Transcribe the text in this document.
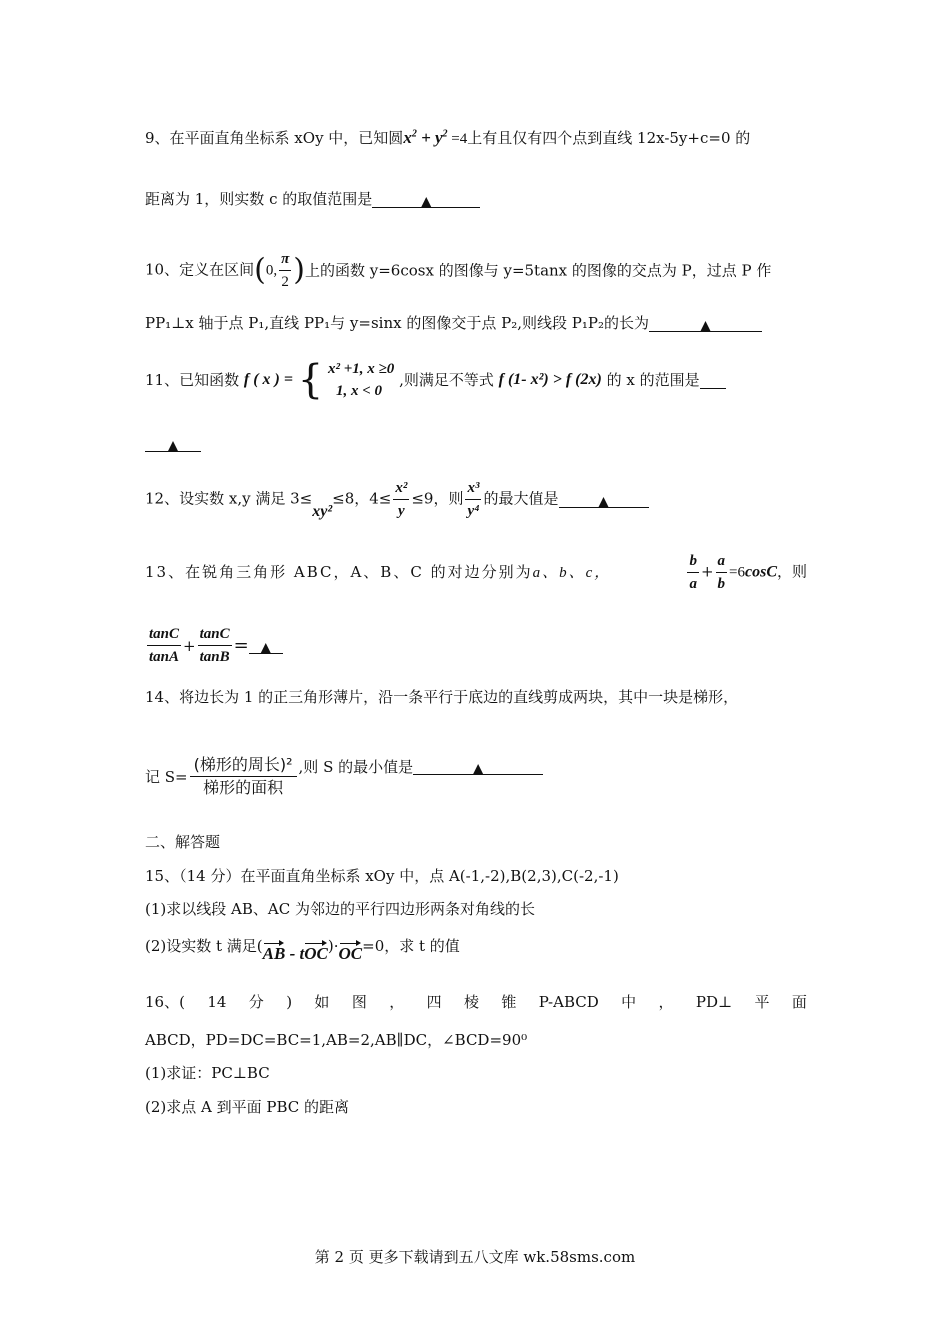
9、在平面直角坐标系 xOy 中，已知圆$x^2 + y^2 =4$上有且仅有四个点到直线 12x-5y+c=0 的
距离为 1，则实数 c 的取值范围是	▲
10、定义在区间(0, $\frac{\pi}{2}$ )上的函数 y=6cosx 的图像与 y=5tanx 的图像的交点为 P，过点 P 作
PP₁⊥x 轴于点 P₁,直线 PP₁与 y=sinx 的图像交于点 P₂,则线段 P₁P₂的长为	▲
11、已知函数 f ( x ) = { x² +1, x ≥0
1, x < 0
,则满足不等式 f (1- x²) > f (2x) 的 x 的范围是
▲
12、设实数 x,y 满足 3≤xy²≤8，$4\le \frac{\text{x²}}{y} \le 9$，则 $\frac{\text{x³}}{\text{y⁴}}$ 的最大值是	▲
13、在锐角三角形 ABC，A、B、C 的对边分别为a、b、c，	$\frac{b}{a} + \frac{a}{b} =6\cos C$，则
$\frac{\tan C}{\tan A} + \frac{\tan C}{\tan B}$ = ▲
14、将边长为 1 的正三角形薄片，沿一条平行于底边的直线剪成两块，其中一块是梯形，
记 $S= \frac{\text{(梯形的周长)²}}{\text{梯形的面积}}$ ,则 S 的最小值是	▲
二、解答题
15、（14 分）在平面直角坐标系 xOy 中，点 A(-1,-2),B(2,3),C(-2,-1)
(1)求以线段 AB、AC 为邻边的平行四边形两条对角线的长
(2)设实数 t 满足(AB - tOC)·OC=0，求 t 的值
16、( 14 分 ) 如 图 ， 四 棱 锥 P-ABCD 中 ， PD⊥ 平 面
ABCD，PD=DC=BC=1,AB=2,AB∥DC，∠BCD=90⁰
(1)求证：PC⊥BC
(2)求点 A 到平面 PBC 的距离
第 2 页 更多下载请到五八文库 wk.58sms.com
